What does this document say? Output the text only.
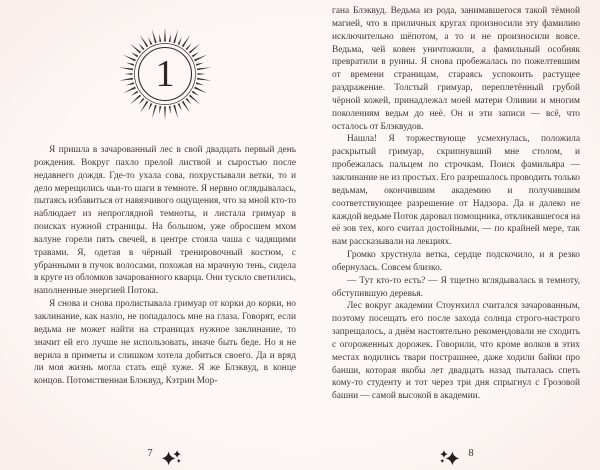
1

Я пришла в зачарованный лес в свой двадцать первый день рождения. Вокруг пахло прелой листвой и сыростью после недавнего дождя. Где-то ухала сова, похрустывали ветки, то и дело мерещились чьи-то шаги в темноте. Я нервно оглядывалась, пытаясь избавиться от навязчивого ощущения, что за мной кто-то наблюдает из непроглядной темноты, и листала гримуар в поисках нужной страницы. На большом, уже обросшем мхом валуне горели пять свечей, в центре стояла чаша с чадящими травами. Я, одетая в чёрный тренировочный костюм, с убранными в пучок волосами, похожая на мрачную тень, сидела в круге из обломков зачарованного кварца. Они тускло светились, наполненные энергией Потока.

Я снова и снова пролистывала гримуар от корки до корки, но заклинание, как назло, не попадалось мне на глаза. Говорят, если ведьма не может найти на страницах нужное заклинание, то значит ей его лучше не использовать, иначе быть беде. Но я не верила в приметы и слишком хотела добиться своего. Да и вряд ли моя жизнь могла стать ещё хуже. Я же Блэквуд, в конце концов. Потомственная Блэквуд, Кэтрин Мор-

7

гана Блэквуд. Ведьма из рода, занимавшегося такой тёмной магией, что в приличных кругах произносили эту фамилию исключительно шёпотом, а то и не произносили вовсе. Ведьма, чей ковен уничтожили, а фамильный особняк превратили в руины. Я снова пробежалась по пожелтевшим от времени страницам, стараясь успокоить растущее раздражение. Толстый гримуар, переплетённый грубой чёрной кожей, принадлежал моей матери Оливии и многим поколениям ведьм до неё. Он и эти записи — всё, что осталось от Блэквудов.

Нашла! Я торжествующе усмехнулась, положила раскрытый гримуар, скрипнувший мне столом, и пробежалась пальцем по строчкам. Поиск фамильяра — заклинание не из простых. Его разрешалось проводить только ведьмам, окончившим академию и получившим соответствующее разрешение от Надзора. Да и далеко не каждой ведьме Поток даровал помощника, откликавшегося на её зов тех, кого считал достойными, — по крайней мере, так нам рассказывали на лекциях.

Громко хрустнула ветка, сердце подскочило, и я резко обернулась. Совсем близко.

— Тут кто-то есть? — Я тщетно вглядывалась в темноту, обступившую деревья.

Лес вокруг академии Стоунхилл считался зачарованным, поэтому посещать его после захода солнца строго-настрого запрещалось, а днём настоятельно рекомендовали не сходить с огороженных дорожек. Говорили, что кроме волков в этих местах водились твари пострашнее, даже ходили байки про банши, которая якобы лет двадцать назад пыталась спеть кому-то студенту и тот через три дня спрыгнул с Грозовой башни — самой высокой в академии.

8
